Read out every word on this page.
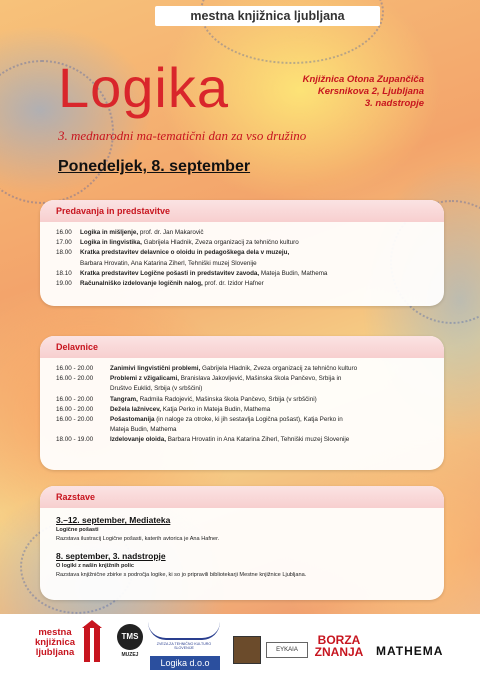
mestna knjižnica ljubljana
Logika	Knjižnica Otona Zupančiča
Kersnikova 2, Ljubljana
3. nadstropje
3. mednarodni ma-tematični dan za vso družino
Ponedeljek, 8. september
Predavanja in predstavitve
16.00	Logika in mišljenje, prof. dr. Jan Makarovič
17.00	Logika in lingvistika, Gabrijela Hladnik, Zveza organizacij za tehnično kulturo
18.00	Kratka predstavitev delavnice o oloidu in pedagoškega dela v muzeju,
Barbara Hrovatin, Ana Katarina Ziherl, Tehniški muzej Slovenije
18.10	Kratka predstavitev Logične pošasti in predstavitev zavoda, Mateja Budin, Mathema
19.00	Računalniško izdelovanje logičnih nalog, prof. dr. Izidor Hafner
Delavnice
16.00 - 20.00	Zanimivi lingvistični problemi, Gabrijela Hladnik, Zveza organizacij za tehnično kulturo
16.00 - 20.00	Problemi z vžigalicami, Branislava Jakovljević, Mašinska škola Pančevo, Srbija in
Društvo Euklid, Srbija (v srbščini)
16.00 - 20.00	Tangram, Radmila Radojević, Mašinska škola Pančevo, Srbija (v srbščini)
16.00 - 20.00	Dežela lažnivcev, Katja Perko in Mateja Budin, Mathema
16.00 - 20.00	Pošastomanija (in naloge za otroke, ki jih sestavlja Logična pošast), Katja Perko in
Mateja Budin, Mathema
18.00 - 19.00	Izdelovanje oloida, Barbara Hrovatin in Ana Katarina Ziherl, Tehniški muzej Slovenije
Razstave
3.–12. september, Mediateka
Logične pošasti
Razstava ilustracij Logične pošasti, katerih avtorica je Ana Hafner.
8. september, 3. nadstropje
O logiki z našin knjižnih polic
Razstava knjižnične zbirke s področja logike, ki so jo pripravili bibliotekarji Mestne knjižnice Ljubljana.
mestna
knjižnica
ljubljana
TMS
MUZEJ
ZVEZA ZA TEHNIČNO KULTURO SLOVENIJE
Logika d.o.o
EYKAIA
BORZA
ZNANJA MATHEMA
